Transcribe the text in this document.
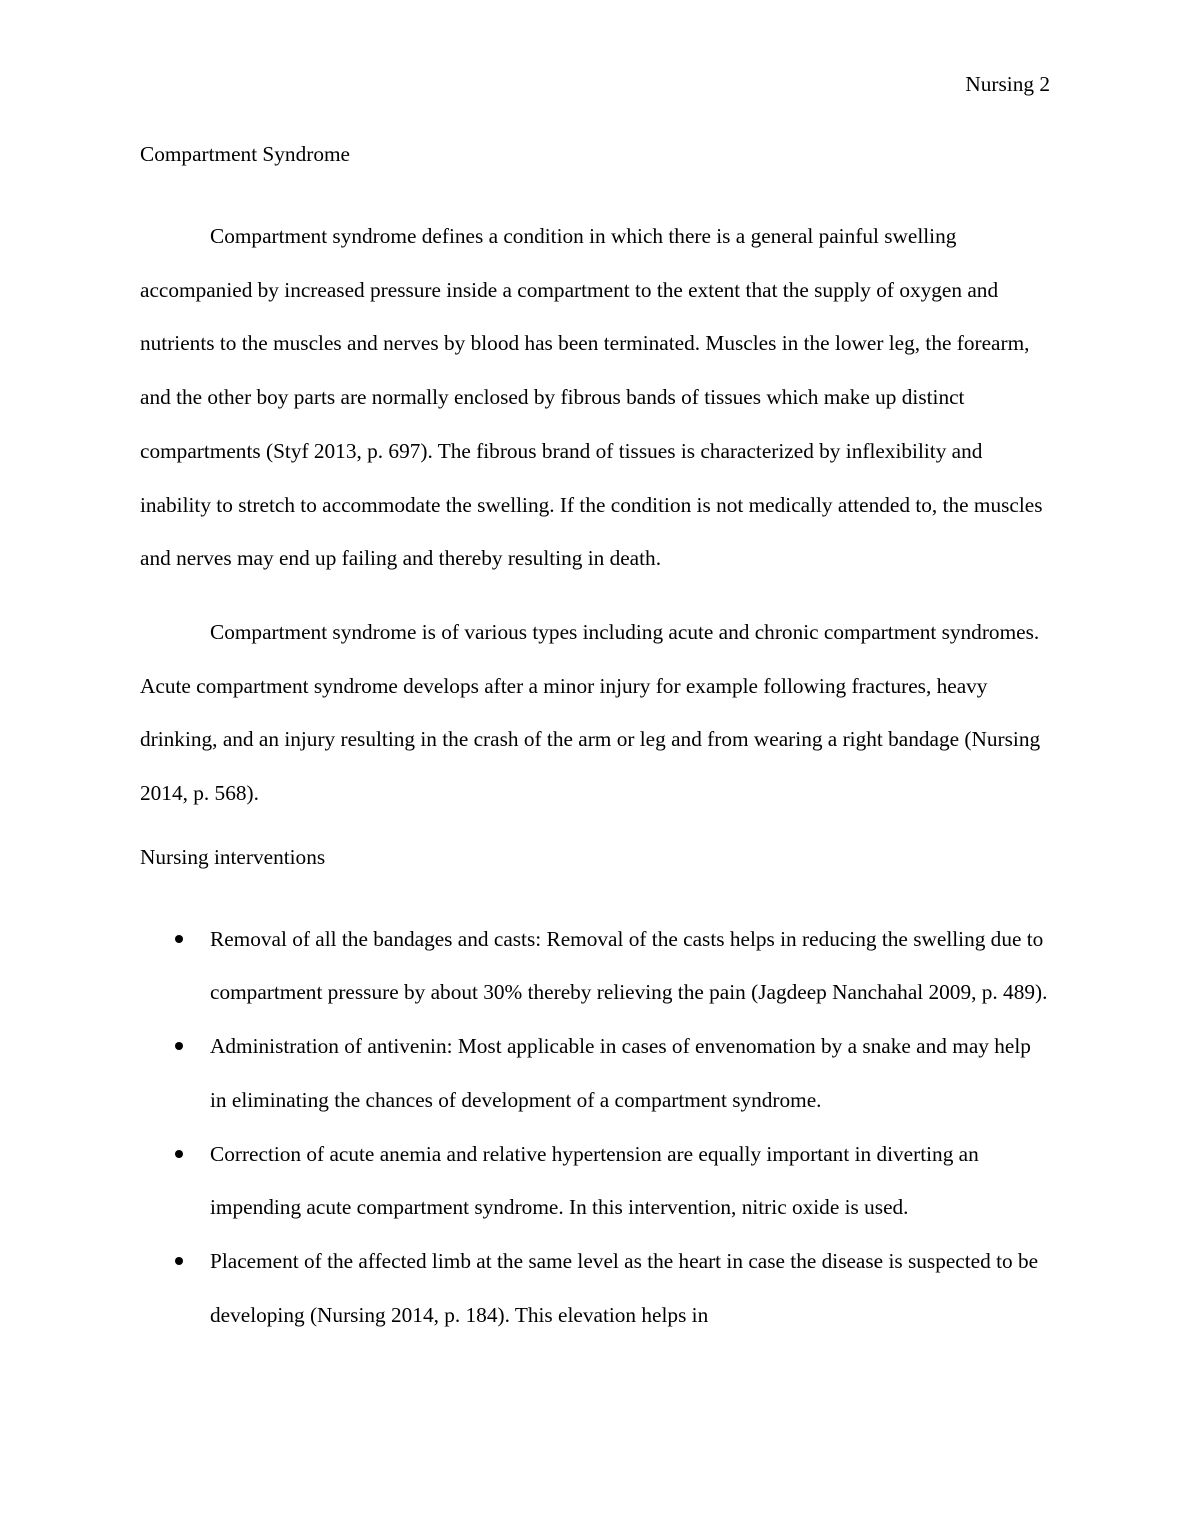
Nursing 2
Compartment Syndrome

Compartment syndrome defines a condition in which there is a general painful swelling accompanied by increased pressure inside a compartment to the extent that the supply of oxygen and nutrients to the muscles and nerves by blood has been terminated. Muscles in the lower leg, the forearm, and the other boy parts are normally enclosed by fibrous bands of tissues which make up distinct compartments (Styf 2013, p. 697). The fibrous brand of tissues is characterized by inflexibility and inability to stretch to accommodate the swelling. If the condition is not medically attended to, the muscles and nerves may end up failing and thereby resulting in death.

Compartment syndrome is of various types including acute and chronic compartment syndromes. Acute compartment syndrome develops after a minor injury for example following fractures, heavy drinking, and an injury resulting in the crash of the arm or leg and from wearing a right bandage (Nursing 2014, p. 568).

Nursing interventions
Removal of all the bandages and casts: Removal of the casts helps in reducing the swelling due to compartment pressure by about 30% thereby relieving the pain (Jagdeep Nanchahal 2009, p. 489).
Administration of antivenin: Most applicable in cases of envenomation by a snake and may help in eliminating the chances of development of a compartment syndrome.
Correction of acute anemia and relative hypertension are equally important in diverting an impending acute compartment syndrome. In this intervention, nitric oxide is used.
Placement of the affected limb at the same level as the heart in case the disease is suspected to be developing (Nursing 2014, p. 184). This elevation helps in
